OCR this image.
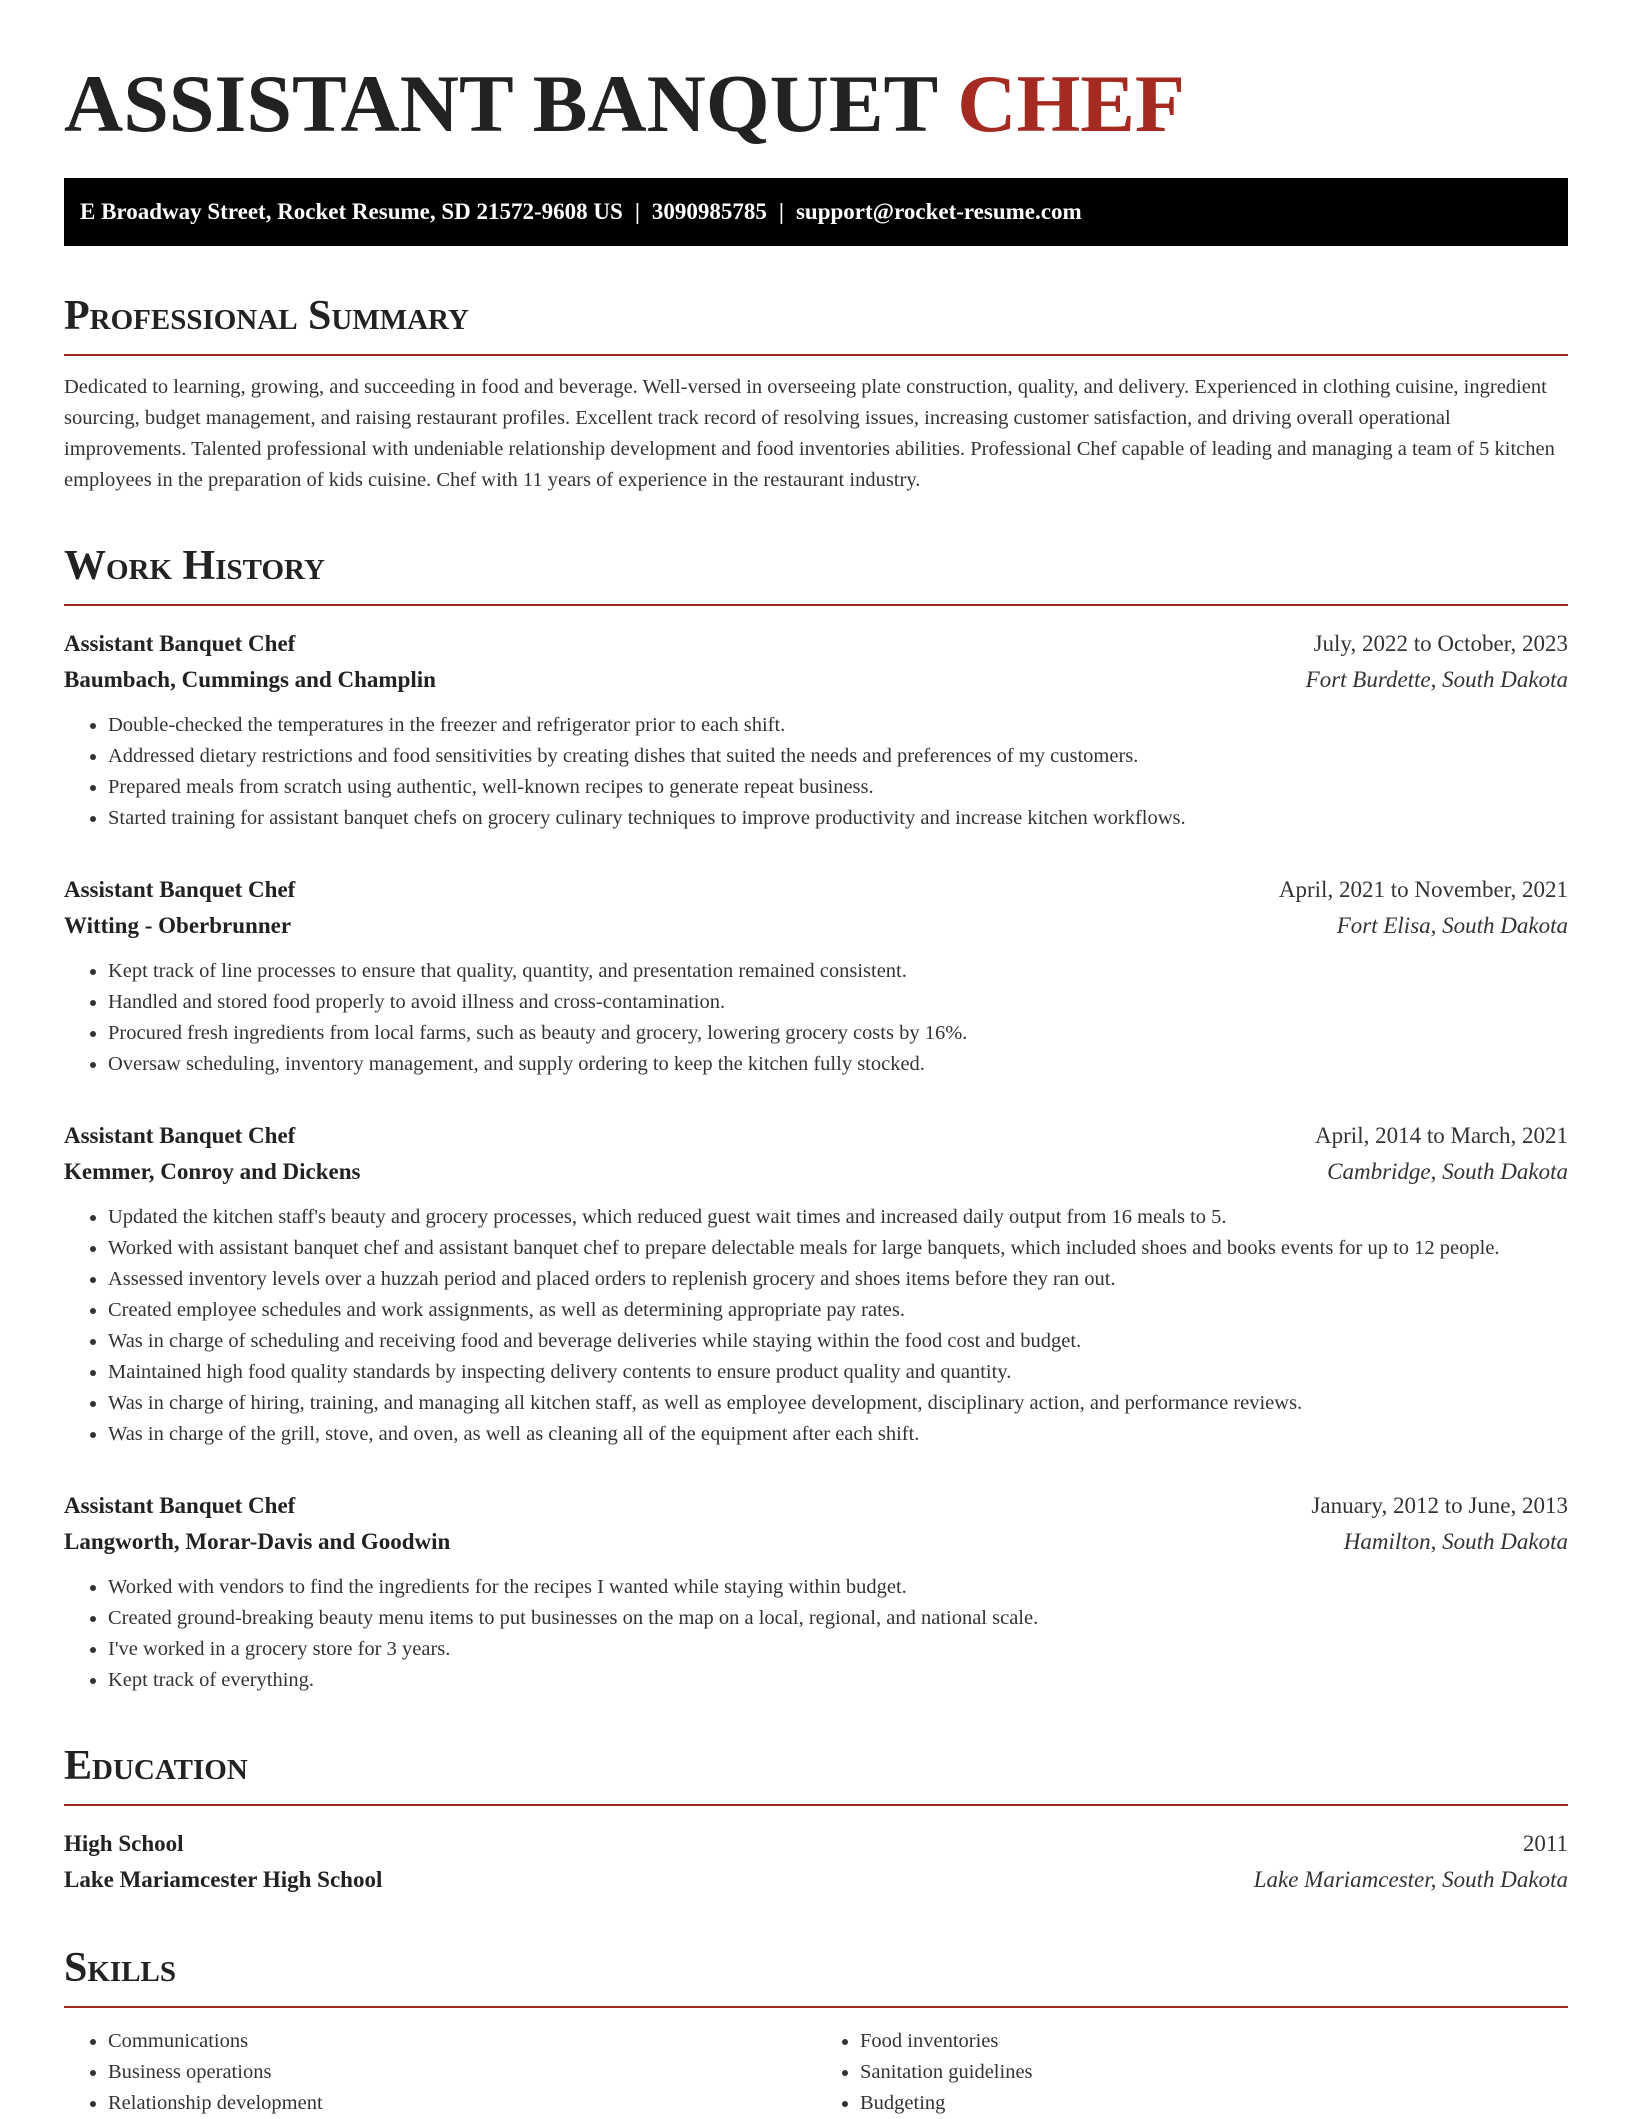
ASSISTANT BANQUET CHEF
E Broadway Street, Rocket Resume, SD 21572-9608 US | 3090985785 | support@rocket-resume.com
Professional Summary

Dedicated to learning, growing, and succeeding in food and beverage. Well-versed in overseeing plate construction, quality, and delivery. Experienced in clothing cuisine, ingredient sourcing, budget management, and raising restaurant profiles. Excellent track record of resolving issues, increasing customer satisfaction, and driving overall operational improvements. Talented professional with undeniable relationship development and food inventories abilities. Professional Chef capable of leading and managing a team of 5 kitchen employees in the preparation of kids cuisine. Chef with 11 years of experience in the restaurant industry.

Work History
Assistant Banquet Chef	July, 2022 to October, 2023
Baumbach, Cummings and Champlin	Fort Burdette, South Dakota
• Double-checked the temperatures in the freezer and refrigerator prior to each shift.
• Addressed dietary restrictions and food sensitivities by creating dishes that suited the needs and preferences of my customers.
• Prepared meals from scratch using authentic, well-known recipes to generate repeat business.
• Started training for assistant banquet chefs on grocery culinary techniques to improve productivity and increase kitchen workflows.
Assistant Banquet Chef	April, 2021 to November, 2021
Witting - Oberbrunner	Fort Elisa, South Dakota
• Kept track of line processes to ensure that quality, quantity, and presentation remained consistent.
• Handled and stored food properly to avoid illness and cross-contamination.
• Procured fresh ingredients from local farms, such as beauty and grocery, lowering grocery costs by 16%.
• Oversaw scheduling, inventory management, and supply ordering to keep the kitchen fully stocked.
Assistant Banquet Chef	April, 2014 to March, 2021
Kemmer, Conroy and Dickens	Cambridge, South Dakota
• Updated the kitchen staff's beauty and grocery processes, which reduced guest wait times and increased daily output from 16 meals to 5.
• Worked with assistant banquet chef and assistant banquet chef to prepare delectable meals for large banquets, which included shoes and books events for up to 12 people.
• Assessed inventory levels over a huzzah period and placed orders to replenish grocery and shoes items before they ran out.
• Created employee schedules and work assignments, as well as determining appropriate pay rates.
• Was in charge of scheduling and receiving food and beverage deliveries while staying within the food cost and budget.
• Maintained high food quality standards by inspecting delivery contents to ensure product quality and quantity.
• Was in charge of hiring, training, and managing all kitchen staff, as well as employee development, disciplinary action, and performance reviews.
• Was in charge of the grill, stove, and oven, as well as cleaning all of the equipment after each shift.
Assistant Banquet Chef	January, 2012 to June, 2013
Langworth, Morar-Davis and Goodwin	Hamilton, South Dakota
• Worked with vendors to find the ingredients for the recipes I wanted while staying within budget.
• Created ground-breaking beauty menu items to put businesses on the map on a local, regional, and national scale.
• I've worked in a grocery store for 3 years.
• Kept track of everything.
Education
High School	2011
Lake Mariamcester High School	Lake Mariamcester, South Dakota
Skills
• Communications
• Business operations
• Relationship development
• Food inventories
• Sanitation guidelines
• Budgeting
